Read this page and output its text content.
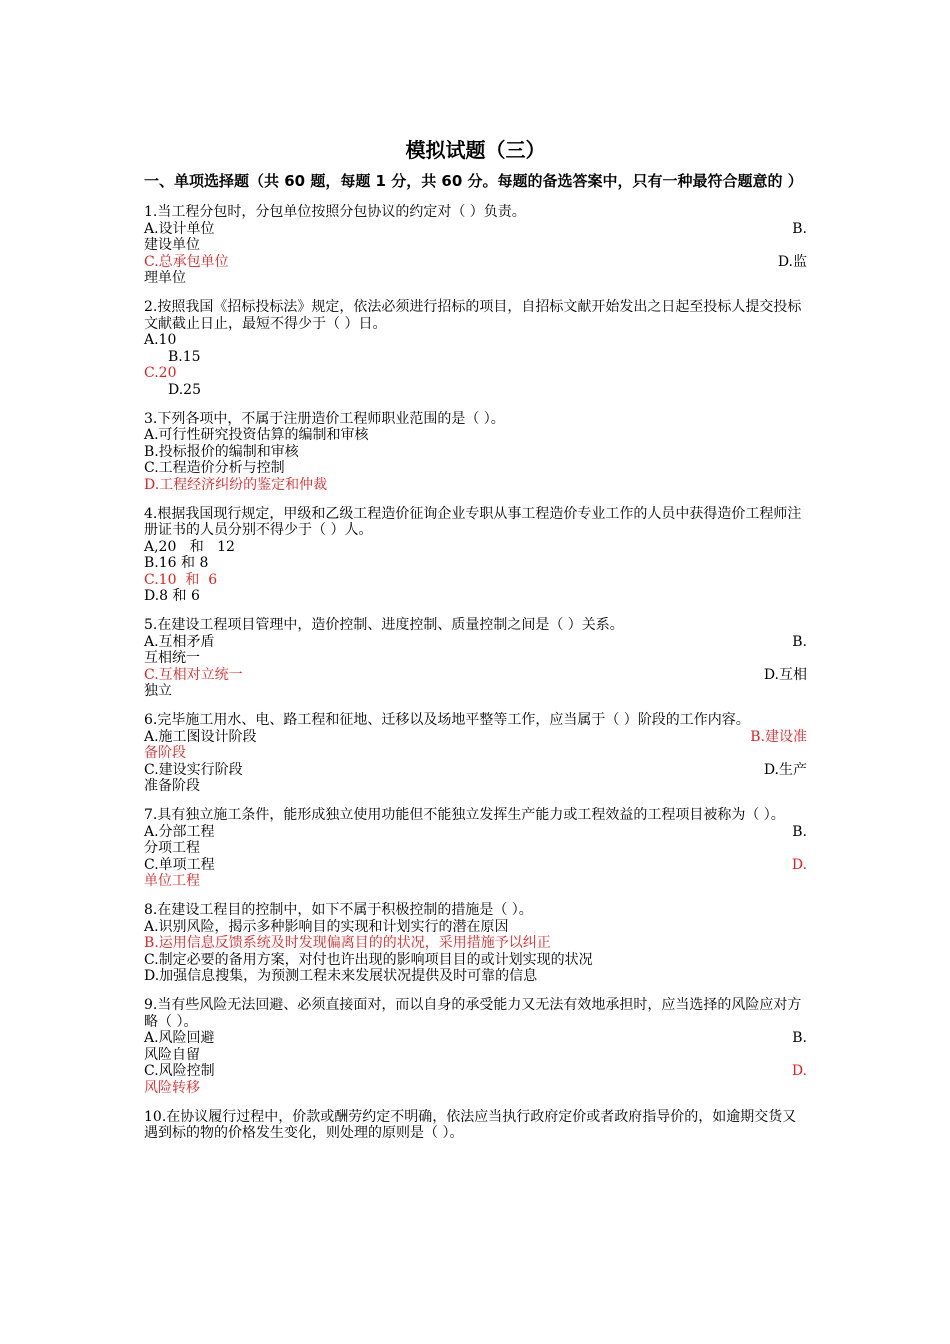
模拟试题（三）
一、单项选择题（共 60 题，每题 1 分，共 60 分。每题的备选答案中，只有一种最符合题意的 ）
1.当工程分包时，分包单位按照分包协议的约定对（ ）负责。
A.设计单位	B.
建设单位
C.总承包单位	D.监
理单位
2.按照我国《招标投标法》规定，依法必须进行招标的项目，自招标文献开始发出之日起至投标人提交投标文献截止日止，最短不得少于（ ）日。
A.10
B.15
C.20
D.25
3.下列各项中，不属于注册造价工程师职业范围的是（ ）。
A.可行性研究投资估算的编制和审核
B.投标报价的编制和审核
C.工程造价分析与控制
D.工程经济纠纷的鉴定和仲裁
4.根据我国现行规定，甲级和乙级工程造价征询企业专职从事工程造价专业工作的人员中获得造价工程师注册证书的人员分别不得少于（ ）人。
A,20   和   12
B.16 和 8
C.10  和  6
D.8 和 6
5.在建设工程项目管理中，造价控制、进度控制、质量控制之间是（ ）关系。
A.互相矛盾	B.
互相统一
C.互相对立统一	D.互相
独立
6.完毕施工用水、电、路工程和征地、迁移以及场地平整等工作，应当属于（ ）阶段的工作内容。
A.施工图设计阶段	B.建设准
备阶段
C.建设实行阶段	D.生产
准备阶段
7.具有独立施工条件，能形成独立使用功能但不能独立发挥生产能力或工程效益的工程项目被称为（ ）。
A.分部工程	B.
分项工程
C.单项工程	D.
单位工程
8.在建设工程目的控制中，如下不属于积极控制的措施是（ ）。
A.识别风险，揭示多种影响目的实现和计划实行的潜在原因
B.运用信息反馈系统及时发现偏离目的的状况，采用措施予以纠正
C.制定必要的备用方案，对付也许出现的影响项目目的或计划实现的状况
D.加强信息搜集，为预测工程未来发展状况提供及时可靠的信息
9.当有些风险无法回避、必须直接面对，而以自身的承受能力又无法有效地承担时，应当选择的风险应对方略（ ）。
A.风险回避	B.
风险自留
C.风险控制	D.
风险转移
10.在协议履行过程中，价款或酬劳约定不明确，依法应当执行政府定价或者政府指导价的，如逾期交货又遇到标的物的价格发生变化，则处理的原则是（ ）。
